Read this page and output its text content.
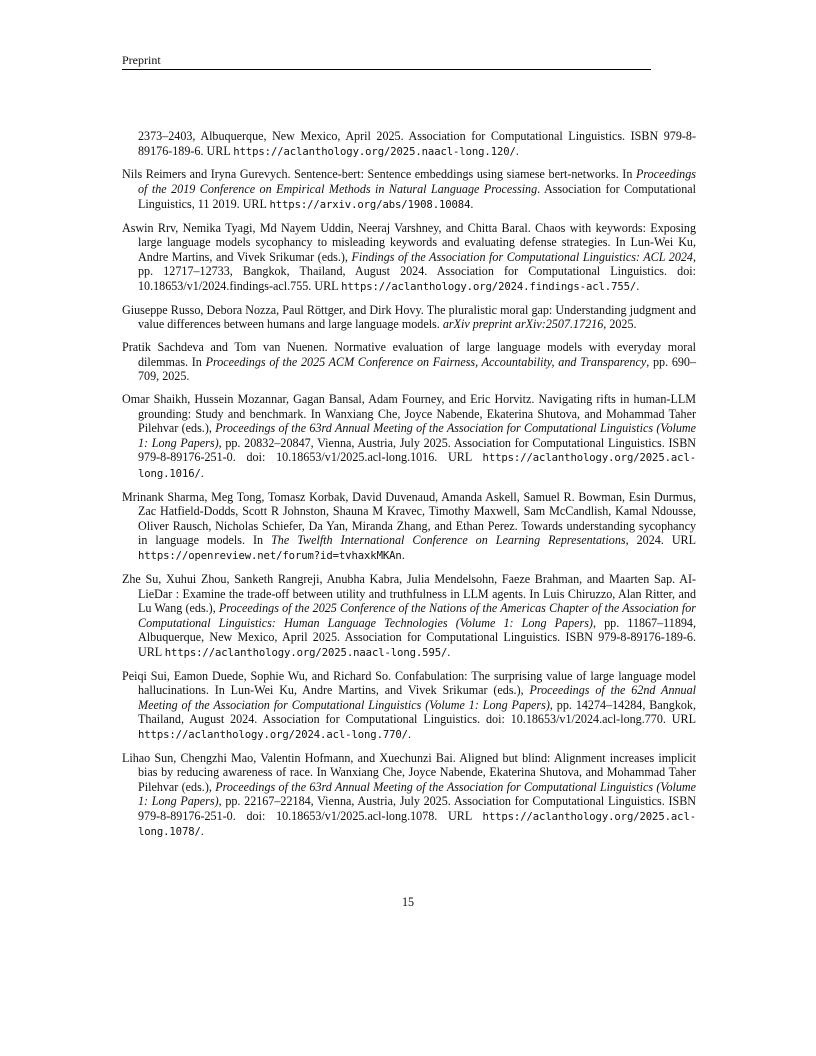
Preprint

2373–2403, Albuquerque, New Mexico, April 2025. Association for Computational Linguistics. ISBN 979-8-89176-189-6. URL https://aclanthology.org/2025.naacl-long.120/.

Nils Reimers and Iryna Gurevych. Sentence-bert: Sentence embeddings using siamese bert-networks. In Proceedings of the 2019 Conference on Empirical Methods in Natural Language Processing. Association for Computational Linguistics, 11 2019. URL https://arxiv.org/abs/1908.10084.

Aswin Rrv, Nemika Tyagi, Md Nayem Uddin, Neeraj Varshney, and Chitta Baral. Chaos with keywords: Exposing large language models sycophancy to misleading keywords and evaluating defense strategies. In Lun-Wei Ku, Andre Martins, and Vivek Srikumar (eds.), Findings of the Association for Computational Linguistics: ACL 2024, pp. 12717–12733, Bangkok, Thailand, August 2024. Association for Computational Linguistics. doi: 10.18653/v1/2024.findings-acl.755. URL https://aclanthology.org/2024.findings-acl.755/.

Giuseppe Russo, Debora Nozza, Paul Röttger, and Dirk Hovy. The pluralistic moral gap: Understanding judgment and value differences between humans and large language models. arXiv preprint arXiv:2507.17216, 2025.

Pratik Sachdeva and Tom van Nuenen. Normative evaluation of large language models with everyday moral dilemmas. In Proceedings of the 2025 ACM Conference on Fairness, Accountability, and Transparency, pp. 690–709, 2025.

Omar Shaikh, Hussein Mozannar, Gagan Bansal, Adam Fourney, and Eric Horvitz. Navigating rifts in human-LLM grounding: Study and benchmark. In Wanxiang Che, Joyce Nabende, Ekaterina Shutova, and Mohammad Taher Pilehvar (eds.), Proceedings of the 63rd Annual Meeting of the Association for Computational Linguistics (Volume 1: Long Papers), pp. 20832–20847, Vienna, Austria, July 2025. Association for Computational Linguistics. ISBN 979-8-89176-251-0. doi: 10.18653/v1/2025.acl-long.1016. URL https://aclanthology.org/2025.acl-long.1016/.

Mrinank Sharma, Meg Tong, Tomasz Korbak, David Duvenaud, Amanda Askell, Samuel R. Bowman, Esin Durmus, Zac Hatfield-Dodds, Scott R Johnston, Shauna M Kravec, Timothy Maxwell, Sam McCandlish, Kamal Ndousse, Oliver Rausch, Nicholas Schiefer, Da Yan, Miranda Zhang, and Ethan Perez. Towards understanding sycophancy in language models. In The Twelfth International Conference on Learning Representations, 2024. URL https://openreview.net/forum?id=tvhaxkMKAn.

Zhe Su, Xuhui Zhou, Sanketh Rangreji, Anubha Kabra, Julia Mendelsohn, Faeze Brahman, and Maarten Sap. AI-LieDar : Examine the trade-off between utility and truthfulness in LLM agents. In Luis Chiruzzo, Alan Ritter, and Lu Wang (eds.), Proceedings of the 2025 Conference of the Nations of the Americas Chapter of the Association for Computational Linguistics: Human Language Technologies (Volume 1: Long Papers), pp. 11867–11894, Albuquerque, New Mexico, April 2025. Association for Computational Linguistics. ISBN 979-8-89176-189-6. URL https://aclanthology.org/2025.naacl-long.595/.

Peiqi Sui, Eamon Duede, Sophie Wu, and Richard So. Confabulation: The surprising value of large language model hallucinations. In Lun-Wei Ku, Andre Martins, and Vivek Srikumar (eds.), Proceedings of the 62nd Annual Meeting of the Association for Computational Linguistics (Volume 1: Long Papers), pp. 14274–14284, Bangkok, Thailand, August 2024. Association for Computational Linguistics. doi: 10.18653/v1/2024.acl-long.770. URL https://aclanthology.org/2024.acl-long.770/.

Lihao Sun, Chengzhi Mao, Valentin Hofmann, and Xuechunzi Bai. Aligned but blind: Alignment increases implicit bias by reducing awareness of race. In Wanxiang Che, Joyce Nabende, Ekaterina Shutova, and Mohammad Taher Pilehvar (eds.), Proceedings of the 63rd Annual Meeting of the Association for Computational Linguistics (Volume 1: Long Papers), pp. 22167–22184, Vienna, Austria, July 2025. Association for Computational Linguistics. ISBN 979-8-89176-251-0. doi: 10.18653/v1/2025.acl-long.1078. URL https://aclanthology.org/2025.acl-long.1078/.

15
